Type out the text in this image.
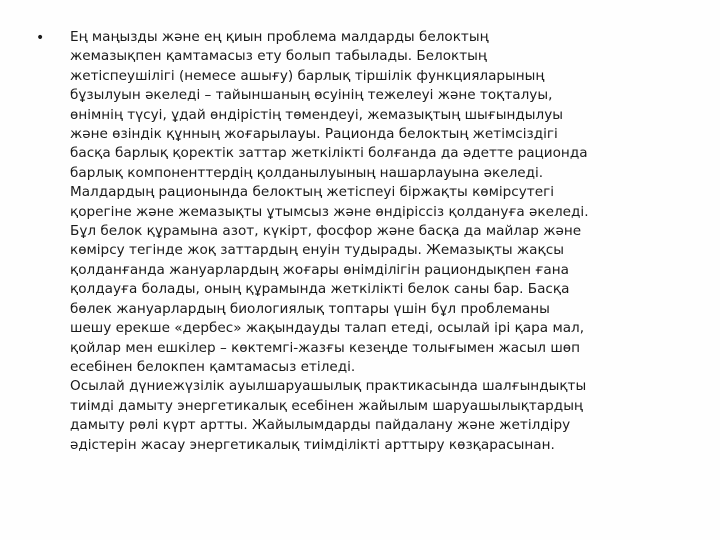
• Ең маңызды және ең қиын проблема малдарды белоктың
жемазықпен қамтамасыз ету болып табылады. Белоктың
жетіспеушілігі (немесе ашығу) барлық тіршілік функцияларының
бұзылуын әкеледі – тайыншаның өсуінің тежелеуі және тоқталуы,
өнімнің түсуі, ұдай өндірістің төмендеуі, жемазықтың шығындылуы
және өзіндік құнның жоғарылауы. Рационда белоктың жетімсіздігі
басқа барлық қоректік заттар жеткілікті болғанда да әдетте рационда
барлық компоненттердің қолданылуының нашарлауына әкеледі.
Малдардың рационында белоктың жетіспеуі біржақты көмірсутегі
қорегіне және жемазықты ұтымсыз және өндіріссіз қолдануға әкеледі.
Бұл белок құрамына азот, күкірт, фосфор және басқа да майлар және
көмірсу тегінде жоқ заттардың енуін тудырады. Жемазықты жақсы
қолданғанда жануарлардың жоғары өнімділігін рациондықпен ғана
қолдауға болады, оның құрамында жеткілікті белок саны бар. Басқа
бөлек жануарлардың биологиялық топтары үшін бұл проблеманы
шешу ерекше «дербес» жақындауды талап етеді, осылай ірі қара мал,
қойлар мен ешкілер – көктемгі-жазғы кезеңде толығымен жасыл шөп
есебінен белокпен қамтамасыз етіледі.
Осылай дүниежүзілік ауылшаруашылық практикасында шалғындықты
тиімді дамыту энергетикалық есебінен жайылым шаруашылықтардың
дамыту рөлі күрт артты. Жайылымдарды пайдалану және жетілдіру
әдістерін жасау энергетикалық тиімділікті арттыру көзқарасынан.
